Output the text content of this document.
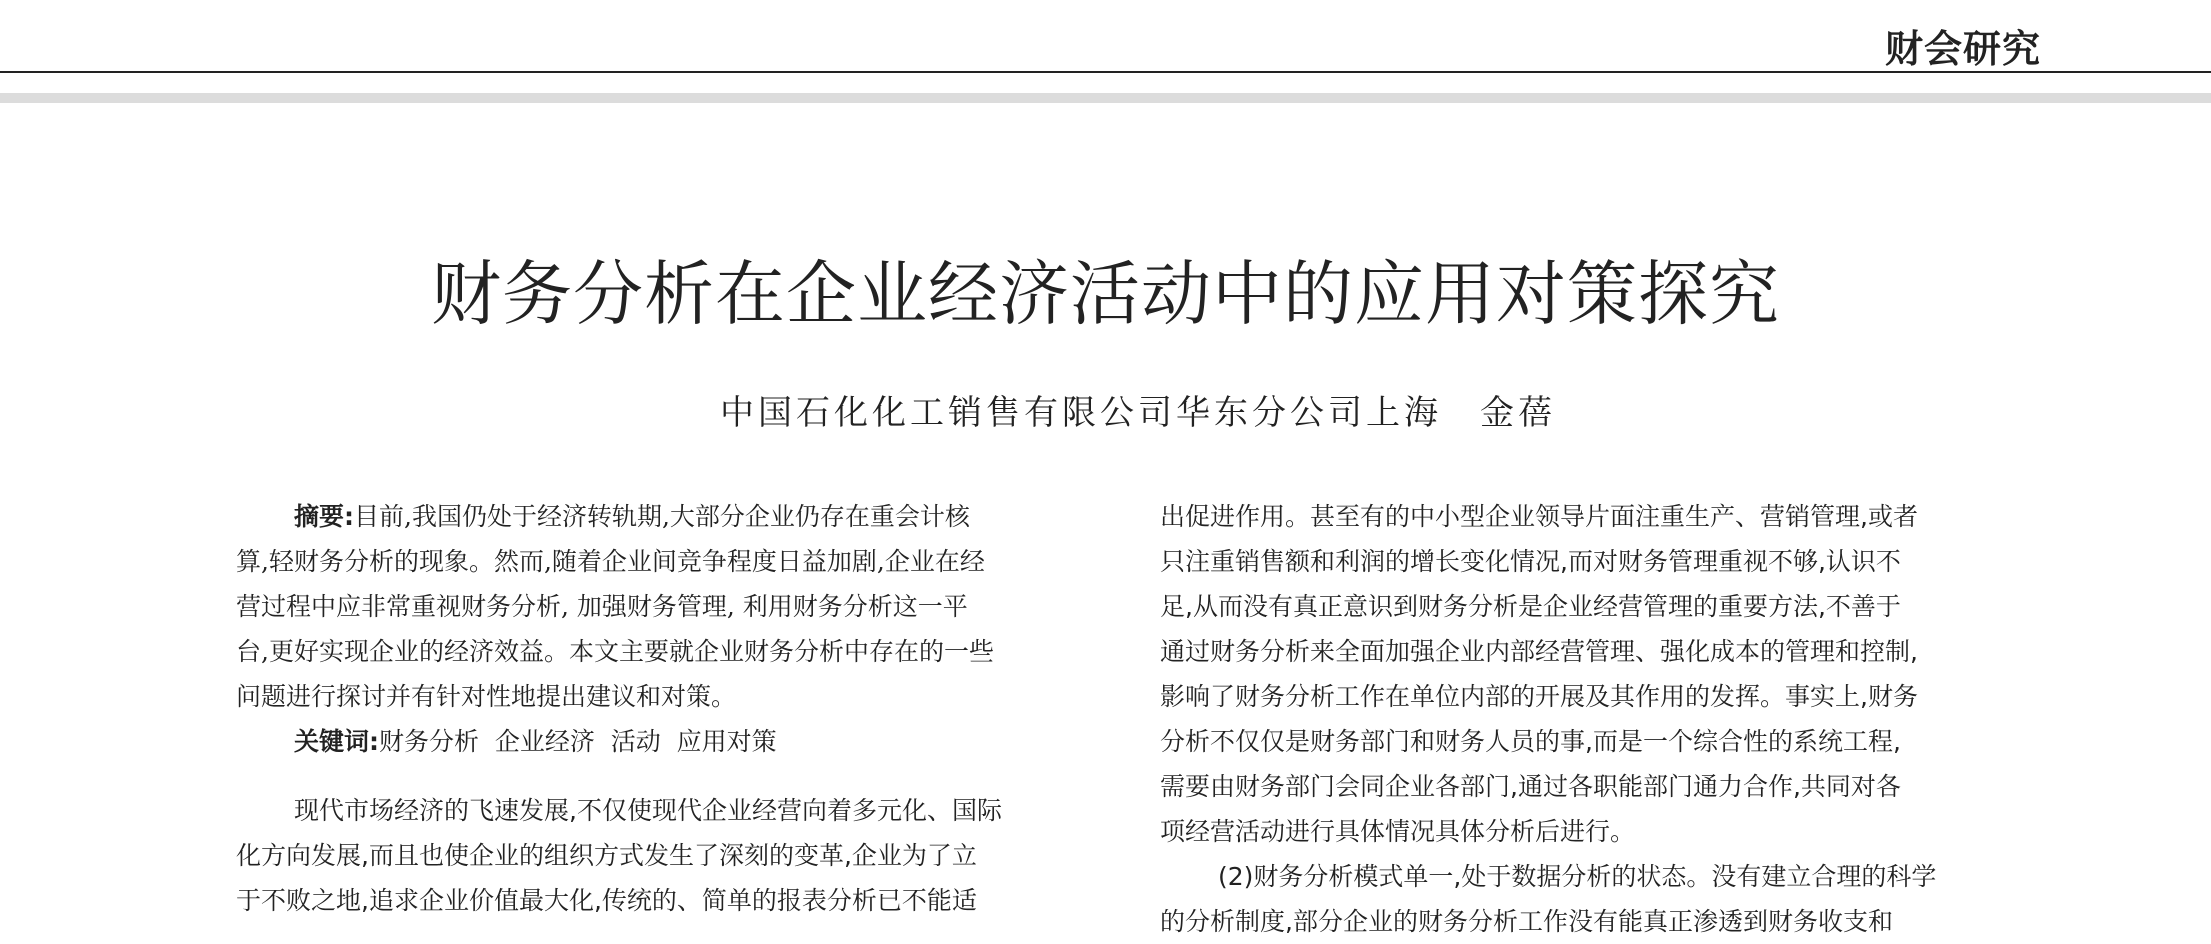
财会研究
财务分析在企业经济活动中的应用对策探究
中国石化化工销售有限公司华东分公司上海 金蓓
摘要:目前,我国仍处于经济转轨期,大部分企业仍存在重会计核
算,轻财务分析的现象。然而,随着企业间竞争程度日益加剧,企业在经
营过程中应非常重视财务分析, 加强财务管理, 利用财务分析这一平
台,更好实现企业的经济效益。本文主要就企业财务分析中存在的一些
问题进行探讨并有针对性地提出建议和对策。
关键词:财务分析  企业经济  活动  应用对策
现代市场经济的飞速发展,不仅使现代企业经营向着多元化、国际
化方向发展,而且也使企业的组织方式发生了深刻的变革,企业为了立
于不败之地,追求企业价值最大化,传统的、简单的报表分析已不能适
出促进作用。甚至有的中小型企业领导片面注重生产、营销管理,或者
只注重销售额和利润的增长变化情况,而对财务管理重视不够,认识不
足,从而没有真正意识到财务分析是企业经营管理的重要方法,不善于
通过财务分析来全面加强企业内部经营管理、强化成本的管理和控制,
影响了财务分析工作在单位内部的开展及其作用的发挥。事实上,财务
分析不仅仅是财务部门和财务人员的事,而是一个综合性的系统工程,
需要由财务部门会同企业各部门,通过各职能部门通力合作,共同对各
项经营活动进行具体情况具体分析后进行。
(2)财务分析模式单一,处于数据分析的状态。没有建立合理的科学
的分析制度,部分企业的财务分析工作没有能真正渗透到财务收支和
